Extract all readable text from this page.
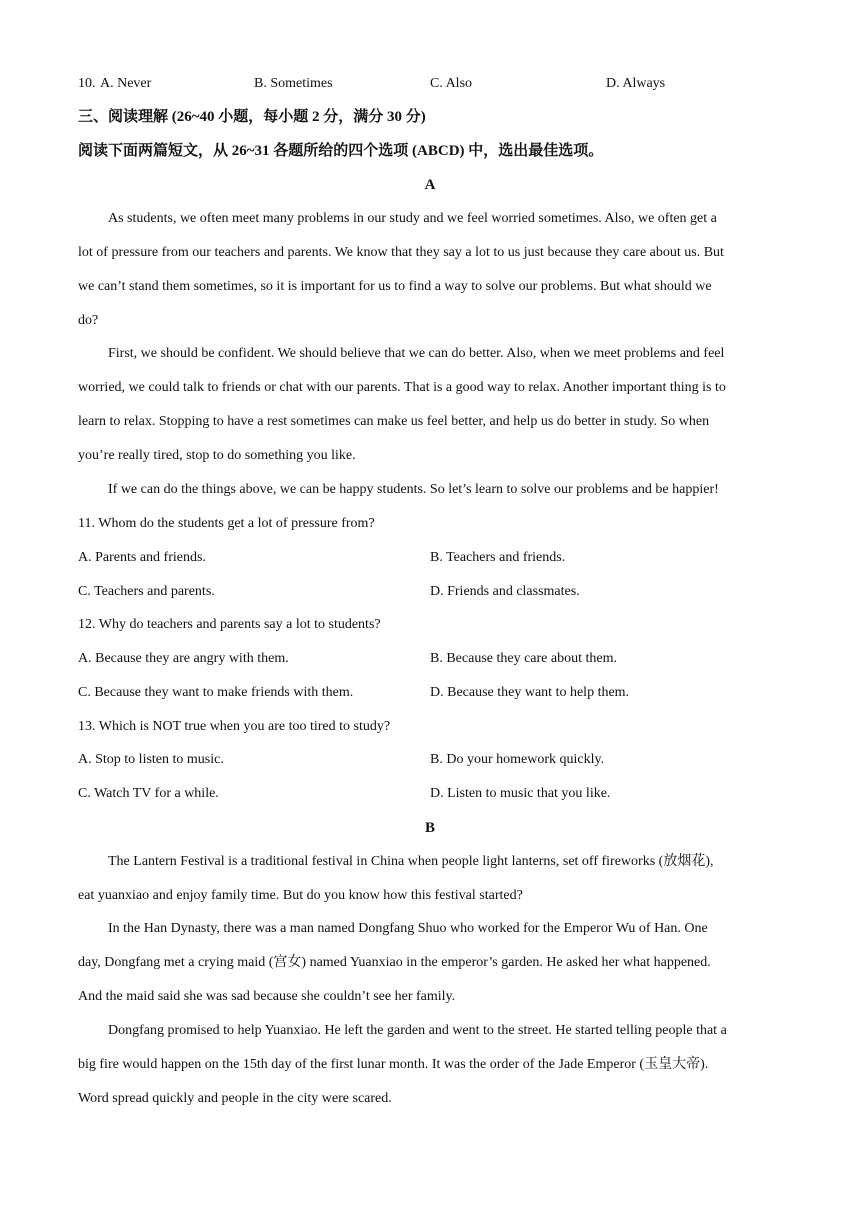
10. A. Never	B. Sometimes	C. Also	D. Always
三、阅读理解 (26~40 小题，每小题 2 分，满分 30 分)
阅读下面两篇短文，从 26~31 各题所给的四个选项 (ABCD) 中，选出最佳选项。
A
As students, we often meet many problems in our study and we feel worried sometimes. Also, we often get a
lot of pressure from our teachers and parents. We know that they say a lot to us just because they care about us. But
we can’t stand them sometimes, so it is important for us to find a way to solve our problems. But what should we
do?
First, we should be confident. We should believe that we can do better. Also, when we meet problems and feel
worried, we could talk to friends or chat with our parents. That is a good way to relax. Another important thing is to
learn to relax. Stopping to have a rest sometimes can make us feel better, and help us do better in study. So when
you’re really tired, stop to do something you like.
If we can do the things above, we can be happy students. So let’s learn to solve our problems and be happier!
11. Whom do the students get a lot of pressure from?
A. Parents and friends.	B. Teachers and friends.
C. Teachers and parents.	D. Friends and classmates.
12. Why do teachers and parents say a lot to students?
A. Because they are angry with them.	B. Because they care about them.
C. Because they want to make friends with them.	D. Because they want to help them.
13. Which is NOT true when you are too tired to study?
A. Stop to listen to music.	B. Do your homework quickly.
C. Watch TV for a while.	D. Listen to music that you like.
B
The Lantern Festival is a traditional festival in China when people light lanterns, set off fireworks (放烟花),
eat yuanxiao and enjoy family time. But do you know how this festival started?
In the Han Dynasty, there was a man named Dongfang Shuo who worked for the Emperor Wu of Han. One
day, Dongfang met a crying maid (宫女) named Yuanxiao in the emperor’s garden. He asked her what happened.
And the maid said she was sad because she couldn’t see her family.
Dongfang promised to help Yuanxiao. He left the garden and went to the street. He started telling people that a
big fire would happen on the 15th day of the first lunar month. It was the order of the Jade Emperor (玉皇大帝).
Word spread quickly and people in the city were scared.
